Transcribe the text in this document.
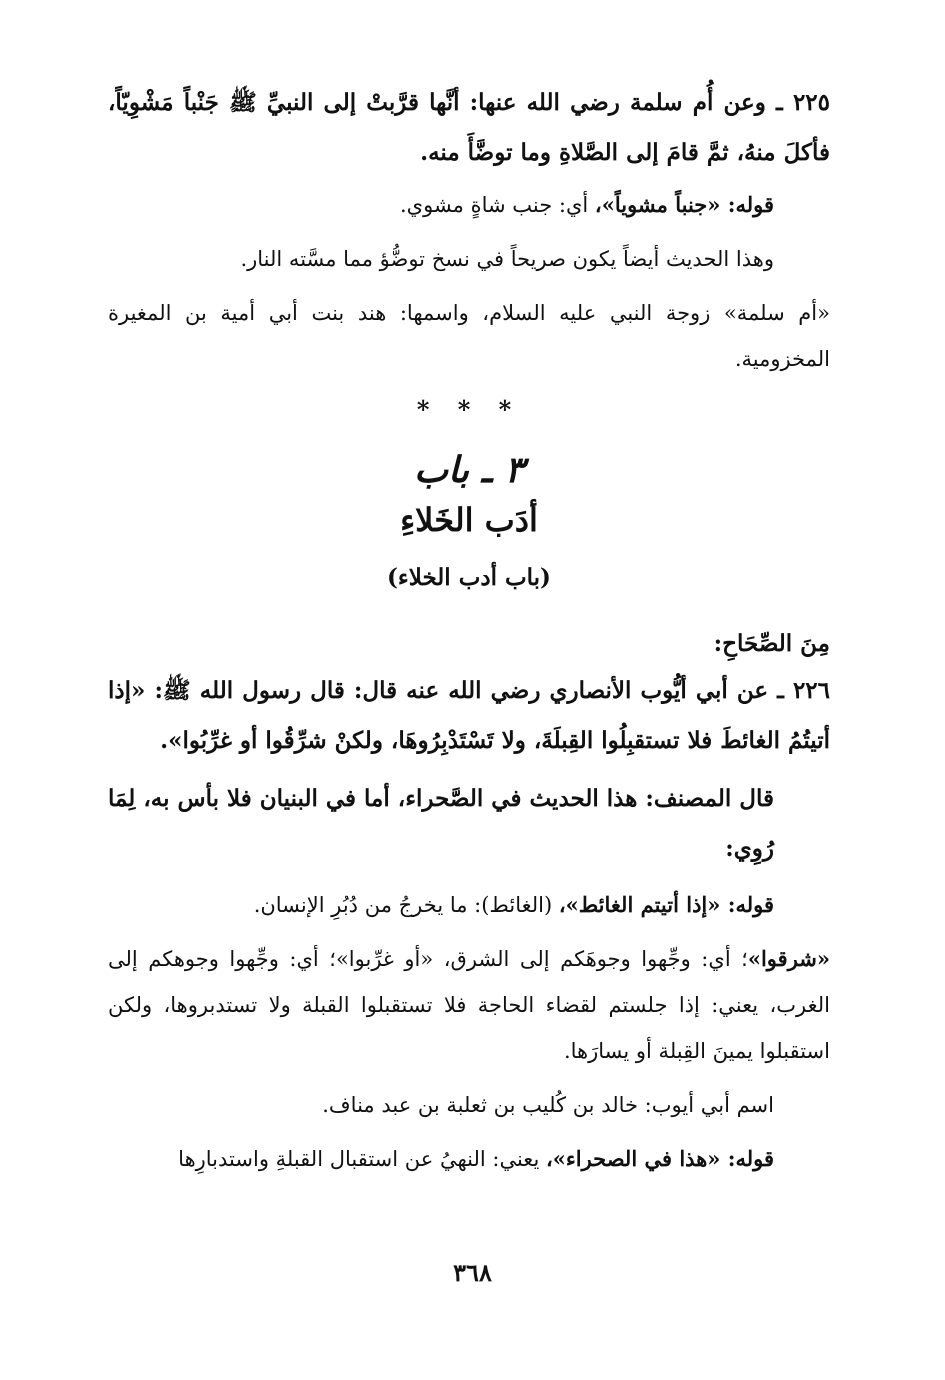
٢٢٥ ـ وعن أُم سلمة رضي الله عنها: أنَّها قرَّبتْ إلى النبيِّ ﷺ جَنْباً مَشْوِيّاً، فأكلَ منهُ، ثمَّ قامَ إلى الصَّلاةِ وما توضَّأَ منه.

قوله: «جنباً مشوياً»، أي: جنب شاةٍ مشوي.

وهذا الحديث أيضاً يكون صريحاً في نسخ توضُّؤ مما مسَّته النار.

«أم سلمة» زوجة النبي عليه السلام، واسمها: هند بنت أبي أمية بن المغيرة المخزومية.

* * *
٣ ـ باب
أدَب الخَلاءِ
(باب أدب الخلاء)
مِنَ الصِّحَاحِ:

٢٢٦ ـ عن أبي أيُّوب الأنصاري رضي الله عنه قال: قال رسول الله ﷺ: «إذا أتيتُمُ الغائطَ فلا تستقبِلُوا القِبلَةَ، ولا تَسْتَدْبِرُوهَا، ولكنْ شرِّقُوا أو غرِّبُوا».

قال المصنف: هذا الحديث في الصَّحراء، أما في البنيان فلا بأس به، لِمَا رُوِي:

قوله: «إذا أتيتم الغائط»، (الغائط): ما يخرجُ من دُبُرِ الإنسان.

«شرقوا»؛ أي: وجِّهوا وجوهَكم إلى الشرق، «أو غرِّبوا»؛ أي: وجِّهوا وجوهكم إلى الغرب، يعني: إذا جلستم لقضاء الحاجة فلا تستقبلوا القبلة ولا تستدبروها، ولكن استقبلوا يمينَ القِبلة أو يسارَها.

اسم أبي أيوب: خالد بن كُليب بن ثعلبة بن عبد مناف.

قوله: «هذا في الصحراء»، يعني: النهيُ عن استقبال القبلةِ واستدبارِها

٣٦٨
